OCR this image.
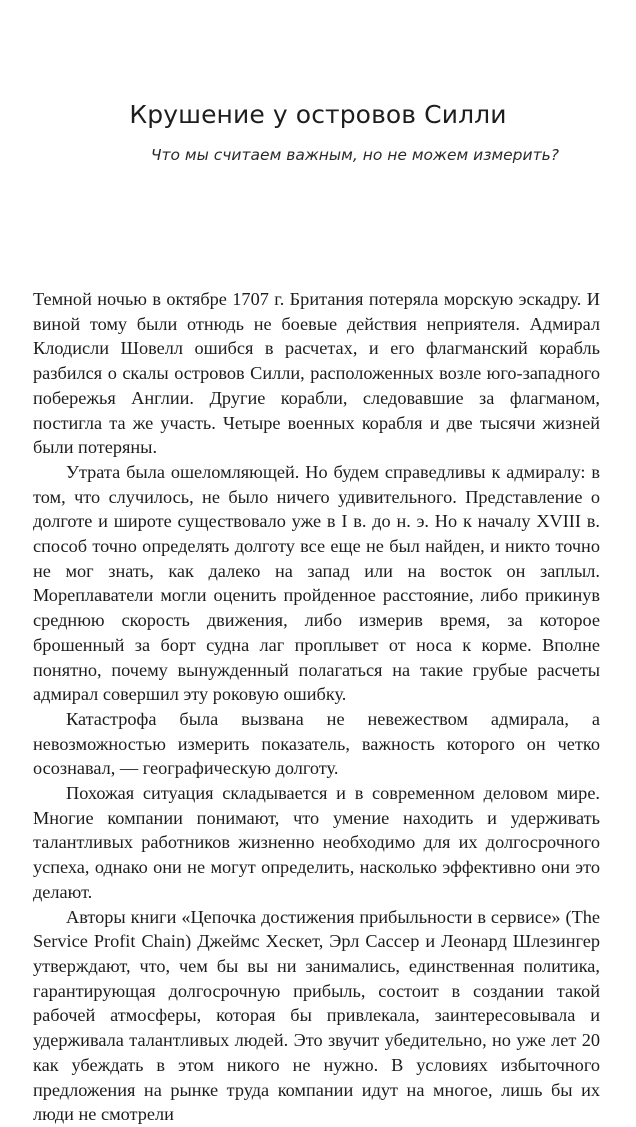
Крушение у островов Силли
Что мы считаем важным, но не можем измерить?

Темной ночью в октябре 1707 г. Британия потеряла морскую эскадру. И виной тому были отнюдь не боевые действия неприятеля. Адмирал Клодисли Шовелл ошибся в расчетах, и его флагманский корабль разбился о скалы островов Силли, расположенных возле юго-западного побережья Англии. Другие корабли, следовавшие за флагманом, постигла та же участь. Четыре военных корабля и две тысячи жизней были потеряны.

Утрата была ошеломляющей. Но будем справедливы к адмиралу: в том, что случилось, не было ничего удивительного. Представление о долготе и широте существовало уже в I в. до н. э. Но к началу XVIII в. способ точно определять долготу все еще не был найден, и никто точно не мог знать, как далеко на запад или на восток он заплыл. Мореплаватели могли оценить пройденное расстояние, либо прикинув среднюю скорость движения, либо измерив время, за которое брошенный за борт судна лаг проплывет от носа к корме. Вполне понятно, почему вынужденный полагаться на такие грубые расчеты адмирал совершил эту роковую ошибку.

Катастрофа была вызвана не невежеством адмирала, а невозможностью измерить показатель, важность которого он четко осознавал, — географическую долготу.

Похожая ситуация складывается и в современном деловом мире. Многие компании понимают, что умение находить и удерживать талантливых работников жизненно необходимо для их долгосрочного успеха, однако они не могут определить, насколько эффективно они это делают.

Авторы книги «Цепочка достижения прибыльности в сервисе» (The Service Profit Chain) Джеймс Хескет, Эрл Сассер и Леонард Шлезингер утверждают, что, чем бы вы ни занимались, единственная политика, гарантирующая долгосрочную прибыль, состоит в создании такой рабочей атмосферы, которая бы привлекала, заинтересовывала и удерживала талантливых людей. Это звучит убедительно, но уже лет 20 как убеждать в этом никого не нужно. В условиях избыточного предложения на рынке труда компании идут на многое, лишь бы их люди не смотрели
